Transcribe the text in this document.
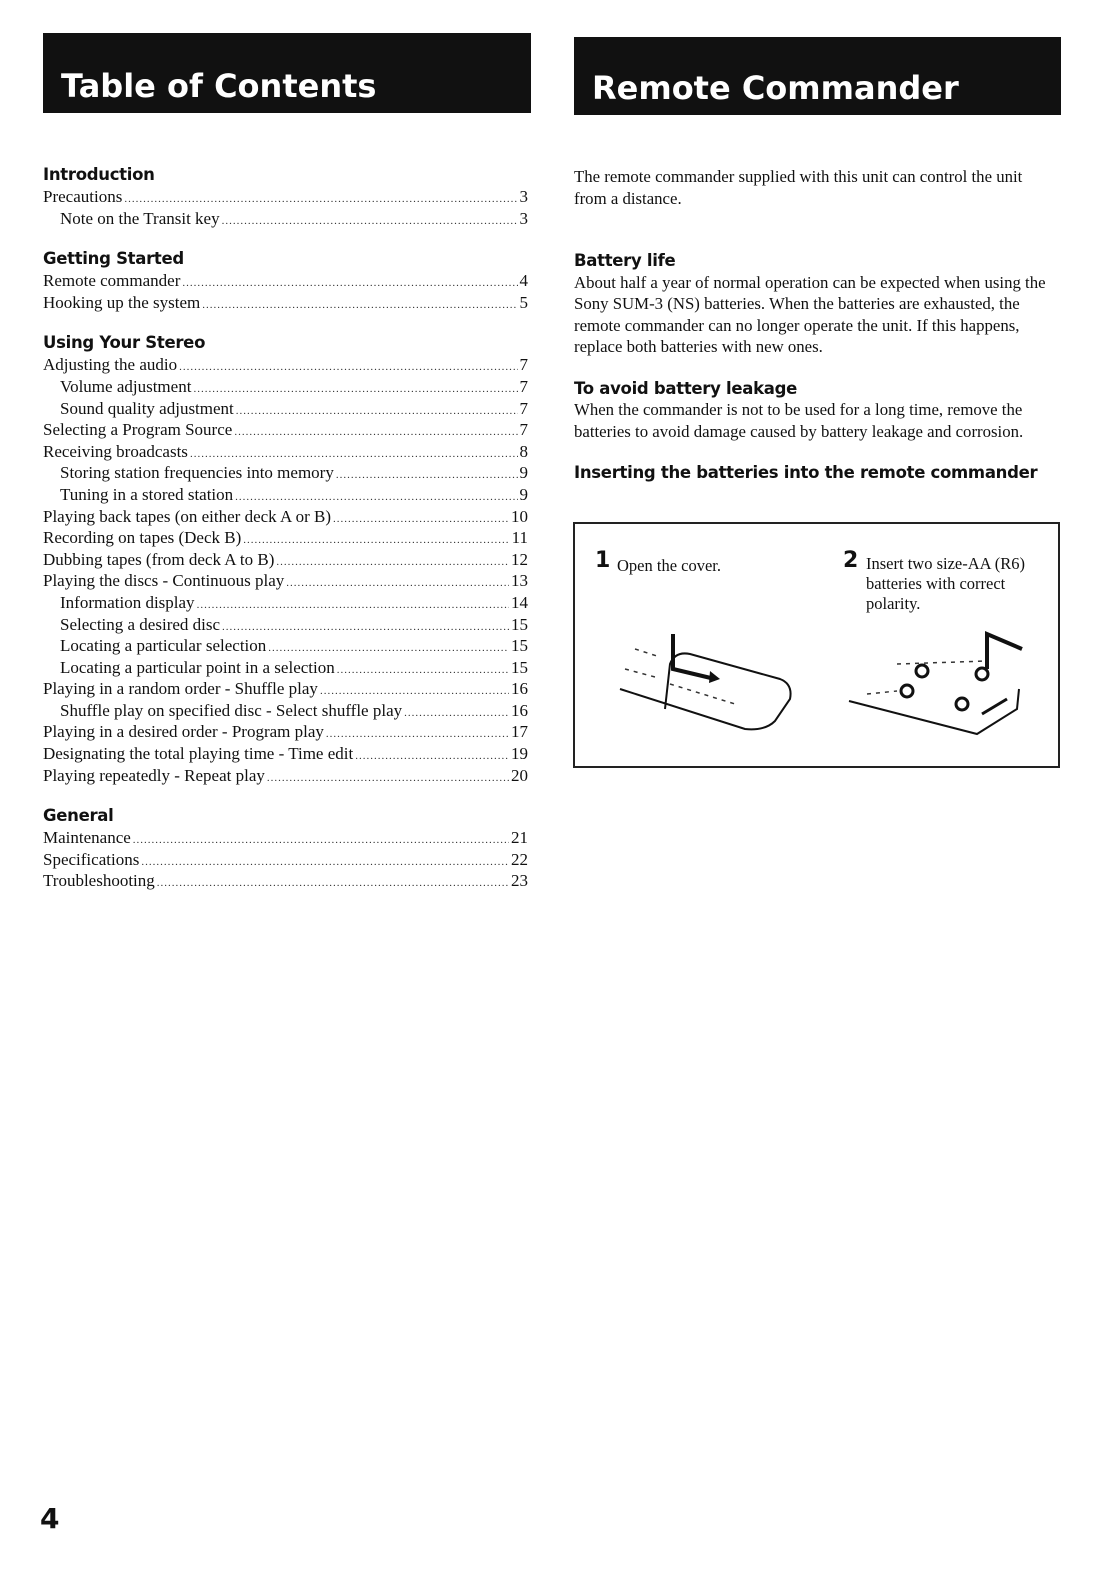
Table of Contents	Remote Commander
Introduction
Precautions .....	3
Note on the Transit key .....	3
Getting Started
Remote commander .....	4
Hooking up the system .....	5
Using Your Stereo
Adjusting the audio .....	7
Volume adjustment .....	7
Sound quality adjustment .....	7
Selecting a Program Source .....	7
Receiving broadcasts .....	8
Storing station frequencies into memory .....	9
Tuning in a stored station .....	9
Playing back tapes (on either deck A or B) .....	10
Recording on tapes (Deck B) .....	11
Dubbing tapes (from deck A to B) .....	12
Playing the discs - Continuous play .....	13
Information display .....	14
Selecting a desired disc .....	15
Locating a particular selection .....	15
Locating a particular point in a selection .....	15
Playing in a random order - Shuffle play .....	16
Shuffle play on specified disc - Select shuffle play .....	16
Playing in a desired order - Program play .....	17
Designating the total playing time - Time edit .....	19
Playing repeatedly - Repeat play .....	20
General
Maintenance .....	21
Specifications .....	22
Troubleshooting .....	23

The remote commander supplied with this unit can control the unit from a distance.

Battery life

About half a year of normal operation can be expected when using the Sony SUM-3 (NS) batteries. When the batteries are exhausted, the remote commander can no longer operate the unit. If this happens, replace both batteries with new ones.

To avoid battery leakage

When the commander is not to be used for a long time, remove the batteries to avoid damage caused by battery leakage and corrosion.

Inserting the batteries into the remote commander
1 Open the cover.	2 Insert two size-AA (R6) batteries with correct polarity.
4
